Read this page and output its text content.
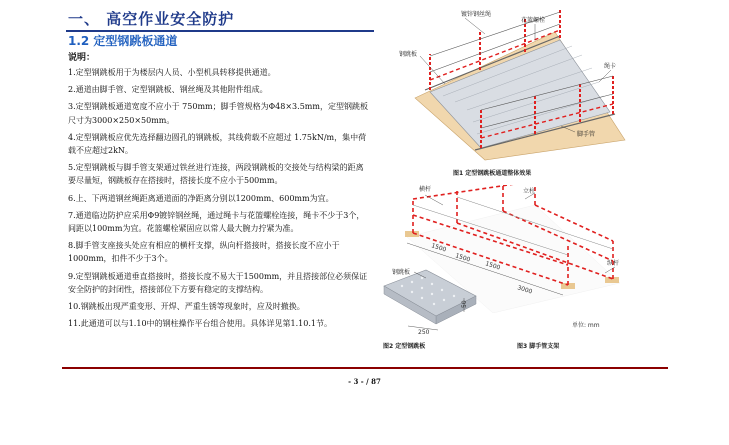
一、 高空作业安全防护
1.2 定型钢跳板通道
说明：

1.定型钢跳板用于为楼层内人员、小型机具转移提供通道。

2.通道由脚手管、定型钢跳板、钢丝绳及其他附件组成。

3.定型钢跳板通道宽度不应小于 750mm；脚手管规格为Φ48×3.5mm，定型钢跳板尺寸为3000×250×50mm。

4.定型钢跳板应优先选择翻边圆孔的钢跳板，其线荷载不应超过 1.75kN/m，集中荷载不应超过2kN。

5.定型钢跳板与脚手管支架通过铁丝进行连接，两段钢跳板的交接处与结构梁的距离要尽量短，钢跳板存在搭接时，搭接长度不应小于500mm。

6.上、下两道钢丝绳距离通道面的净距离分别以1200mm、600mm为宜。

7.通道临边防护应采用Φ9镀锌钢丝绳，通过绳卡与花篮螺栓连接，绳卡不少于3个，间距以100mm为宜。花篮螺栓紧固应以常人最大腕力拧紧为准。

8.脚手管支座接头处应有相应的横杆支撑，纵向杆搭接时，搭接长度不应小于1000mm，扣件不少于3个。

9.定型钢跳板通道垂直搭接时，搭接长度不易大于1500mm，并且搭接部位必须保证安全防护的封闭性，搭接部位下方要有稳定的支撑结构。

10.钢跳板出现严重变形、开焊、严重生锈等现象时，应及时撤换。

11.此通道可以与1.10中的钢柱操作平台组合使用。具体详见第1.10.1节。

镀锌钢丝绳
花篮螺栓
钢跳板
绳卡
脚手管
图1 定型钢跳板通道整体效果
横杆	立柱
纵杆
1500
1500
1500
3000
单位: mm
钢跳板
250
50
图2 定型钢跳板	图3 脚手管支架
- 3 - / 87
